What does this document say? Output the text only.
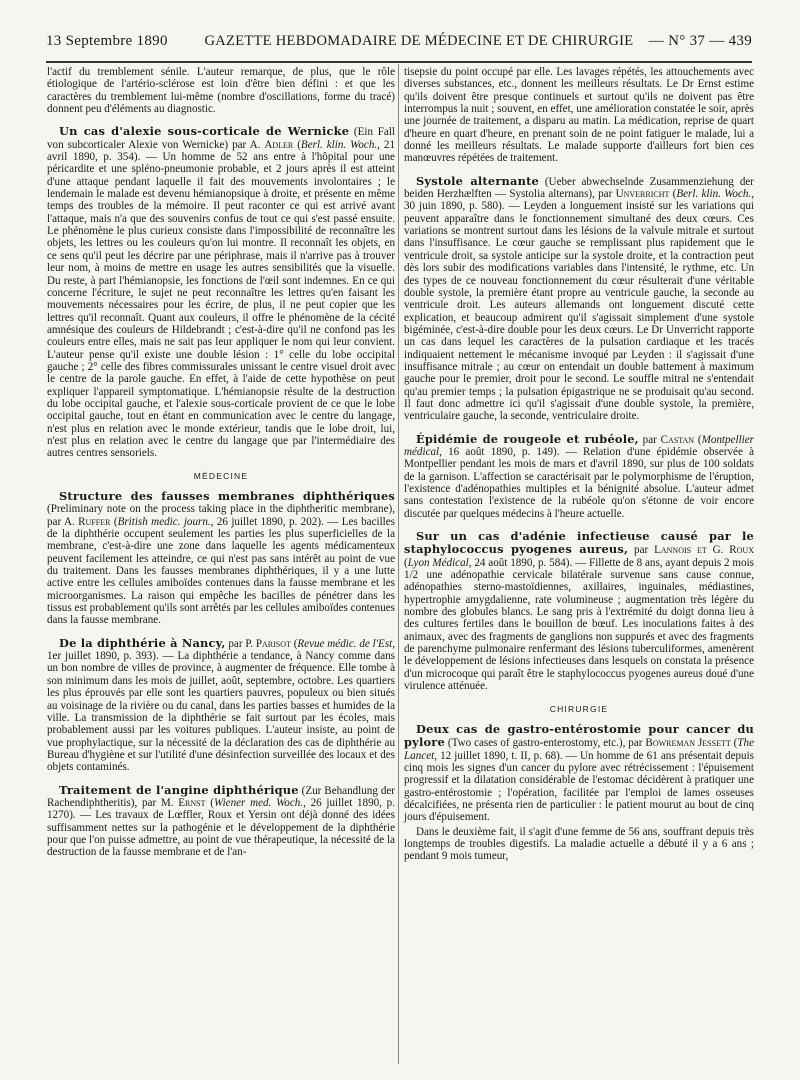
13 Septembre 1890	GAZETTE HEBDOMADAIRE DE MÉDECINE ET DE CHIRURGIE	— N° 37 — 439

l'actif du tremblement sénile. L'auteur remarque, de plus, que le rôle étiologique de l'artério-sclérose est loin d'être bien défini : et que les caractères du tremblement lui-même (nombre d'oscillations, forme du tracé) donnent peu d'éléments au diagnostic.

Un cas d'alexie sous-corticale de Wernicke (Ein Fall von subcorticaler Alexie von Wernicke) par A. Adler (Berl. klin. Woch., 21 avril 1890, p. 354). — Un homme de 52 ans entre à l'hôpital pour une péricardite et une spléno-pneumonie probable, et 2 jours après il est atteint d'une attaque pendant laquelle il fait des mouvements involontaires ; le lendemain le malade est devenu hémianopsique à droite, et présente en même temps des troubles de la mémoire. Il peut raconter ce qui est arrivé avant l'attaque, mais n'a que des souvenirs confus de tout ce qui s'est passé ensuite. Le phénomène le plus curieux consiste dans l'impossibilité de reconnaître les objets, les lettres ou les couleurs qu'on lui montre. Il reconnaît les objets, en ce sens qu'il peut les décrire par une périphrase, mais il n'arrive pas à trouver leur nom, à moins de mettre en usage les autres sensibilités que la visuelle. Du reste, à part l'hémianopsie, les fonctions de l'œil sont indemnes. En ce qui concerne l'écriture, le sujet ne peut reconnaître les lettres qu'en faisant les mouvements nécessaires pour les écrire, de plus, il ne peut copier que les lettres qu'il reconnaît. Quant aux couleurs, il offre le phénomène de la cécité amnésique des couleurs de Hildebrandt ; c'est-à-dire qu'il ne confond pas les couleurs entre elles, mais ne sait pas leur appliquer le nom qui leur convient. L'auteur pense qu'il existe une double lésion : 1° celle du lobe occipital gauche ; 2° celle des fibres commissurales unissant le centre visuel droit avec le centre de la parole gauche. En effet, à l'aide de cette hypothèse on peut expliquer l'appareil symptomatique. L'hémianopsie résulte de la destruction du lobe occipital gauche, et l'alexie sous-corticale provient de ce que le lobe occipital gauche, tout en étant en communication avec le centre du langage, n'est plus en relation avec le monde extérieur, tandis que le lobe droit, lui, n'est plus en relation avec le centre du langage que par l'intermédiaire des autres centres sensoriels.

MÉDECINE

Structure des fausses membranes diphthériques (Preliminary note on the process taking place in the diphtheritic membrane), par A. Ruffer (British medic. journ., 26 juillet 1890, p. 202). — Les bacilles de la diphthérie occupent seulement les parties les plus superficielles de la membrane, c'est-à-dire une zone dans laquelle les agents médicamenteux peuvent facilement les atteindre, ce qui n'est pas sans intérêt au point de vue du traitement. Dans les fausses membranes diphthériques, il y a une lutte active entre les cellules amiboïdes contenues dans la fausse membrane et les microorganismes. La raison qui empêche les bacilles de pénétrer dans les tissus est probablement qu'ils sont arrêtés par les cellules amiboïdes contenues dans la fausse membrane.

De la diphthérie à Nancy, par P. Parisot (Revue médic. de l'Est, 1er juillet 1890, p. 393). — La diphthérie a tendance, à Nancy comme dans un bon nombre de villes de province, à augmenter de fréquence. Elle tombe à son minimum dans les mois de juillet, août, septembre, octobre. Les quartiers les plus éprouvés par elle sont les quartiers pauvres, populeux ou bien situés au voisinage de la rivière ou du canal, dans les parties basses et humides de la ville. La transmission de la diphthérie se fait surtout par les écoles, mais probablement aussi par les voitures publiques. L'auteur insiste, au point de vue prophylactique, sur la nécessité de la déclaration des cas de diphthérie au Bureau d'hygiène et sur l'utilité d'une désinfection surveillée des locaux et des objets contaminés.

Traitement de l'angine diphthérique (Zur Behandlung der Rachendiphtheritis), par M. Ernst (Wiener med. Woch., 26 juillet 1890, p. 1270). — Les travaux de Lœffler, Roux et Yersin ont déjà donné des idées suffisamment nettes sur la pathogénie et le développement de la diphthérie pour que l'on puisse admettre, au point de vue thérapeutique, la nécessité de la destruction de la fausse membrane et de l'an-

tisepsie du point occupé par elle. Les lavages répétés, les attouchements avec diverses substances, etc., donnent les meilleurs résultats. Le Dr Ernst estime qu'ils doivent être presque continuels et surtout qu'ils ne doivent pas être interrompus la nuit ; souvent, en effet, une amélioration constatée le soir, après une journée de traitement, a disparu au matin. La médication, reprise de quart d'heure en quart d'heure, en prenant soin de ne point fatiguer le malade, lui a donné les meilleurs résultats. Le malade supporte d'ailleurs fort bien ces manœuvres répétées de traitement.

Systole alternante (Ueber abwechselnde Zusammenziehung der beiden Herzhælften — Systolia alternans), par Unverricht (Berl. klin. Woch., 30 juin 1890, p. 580). — Leyden a longuement insisté sur les variations qui peuvent apparaître dans le fonctionnement simultané des deux cœurs. Ces variations se montrent surtout dans les lésions de la valvule mitrale et surtout dans l'insuffisance. Le cœur gauche se remplissant plus rapidement que le ventricule droit, sa systole anticipe sur la systole droite, et la contraction peut dès lors subir des modifications variables dans l'intensité, le rythme, etc. Un des types de ce nouveau fonctionnement du cœur résulterait d'une véritable double systole, la première étant propre au ventricule gauche, la seconde au ventricule droit. Les auteurs allemands ont longuement discuté cette explication, et beaucoup admirent qu'il s'agissait simplement d'une systole bigéminée, c'est-à-dire double pour les deux cœurs. Le Dr Unverricht rapporte un cas dans lequel les caractères de la pulsation cardiaque et les tracés indiquaient nettement le mécanisme invoqué par Leyden : il s'agissait d'une insuffisance mitrale ; au cœur on entendait un double battement à maximum gauche pour le premier, droit pour le second. Le souffle mitral ne s'entendait qu'au premier temps ; la pulsation épigastrique ne se produisait qu'au second. Il faut donc admettre ici qu'il s'agissait d'une double systole, la première, ventriculaire gauche, la seconde, ventriculaire droite.

Épidémie de rougeole et rubéole, par Castan (Montpellier médical, 16 août 1890, p. 149). — Relation d'une épidémie observée à Montpellier pendant les mois de mars et d'avril 1890, sur plus de 100 soldats de la garnison. L'affection se caractérisait par le polymorphisme de l'éruption, l'existence d'adénopathies multiples et la bénignité absolue. L'auteur admet sans contestation l'existence de la rubéole qu'on s'étonne de voir encore discutée par quelques médecins à l'heure actuelle.

Sur un cas d'adénie infectieuse causé par le staphylococcus pyogenes aureus, par Lannois et G. Roux (Lyon Médical, 24 août 1890, p. 584). — Fillette de 8 ans, ayant depuis 2 mois 1/2 une adénopathie cervicale bilatérale survenue sans cause connue, adénopathies sterno-mastoïdiennes, axillaires, inguinales, médiastines, hypertrophie amygdalienne, rate volumineuse ; augmentation très légère du nombre des globules blancs. Le sang pris à l'extrémité du doigt donna lieu à des cultures fertiles dans le bouillon de bœuf. Les inoculations faites à des animaux, avec des fragments de ganglions non suppurés et avec des fragments de parenchyme pulmonaire renfermant des lésions tuberculiformes, amenèrent le développement de lésions infectieuses dans lesquels on constata la présence d'un microcoque qui paraît être le staphylococcus pyogenes aureus doué d'une virulence atténuée.

CHIRURGIE

Deux cas de gastro-entérostomie pour cancer du pylore (Two cases of gastro-enterostomy, etc.), par Bowreman Jessett (The Lancet, 12 juillet 1890, t. II, p. 68). — Un homme de 61 ans présentait depuis cinq mois les signes d'un cancer du pylore avec rétrécissement : l'épuisement progressif et la dilatation considérable de l'estomac décidèrent à pratiquer une gastro-entérostomie ; l'opération, facilitée par l'emploi de lames osseuses décalcifiées, ne présenta rien de particulier : le patient mourut au bout de cinq jours d'épuisement.

Dans le deuxième fait, il s'agit d'une femme de 56 ans, souffrant depuis très longtemps de troubles digestifs. La maladie actuelle a débuté il y a 6 ans ; pendant 9 mois tumeur,
